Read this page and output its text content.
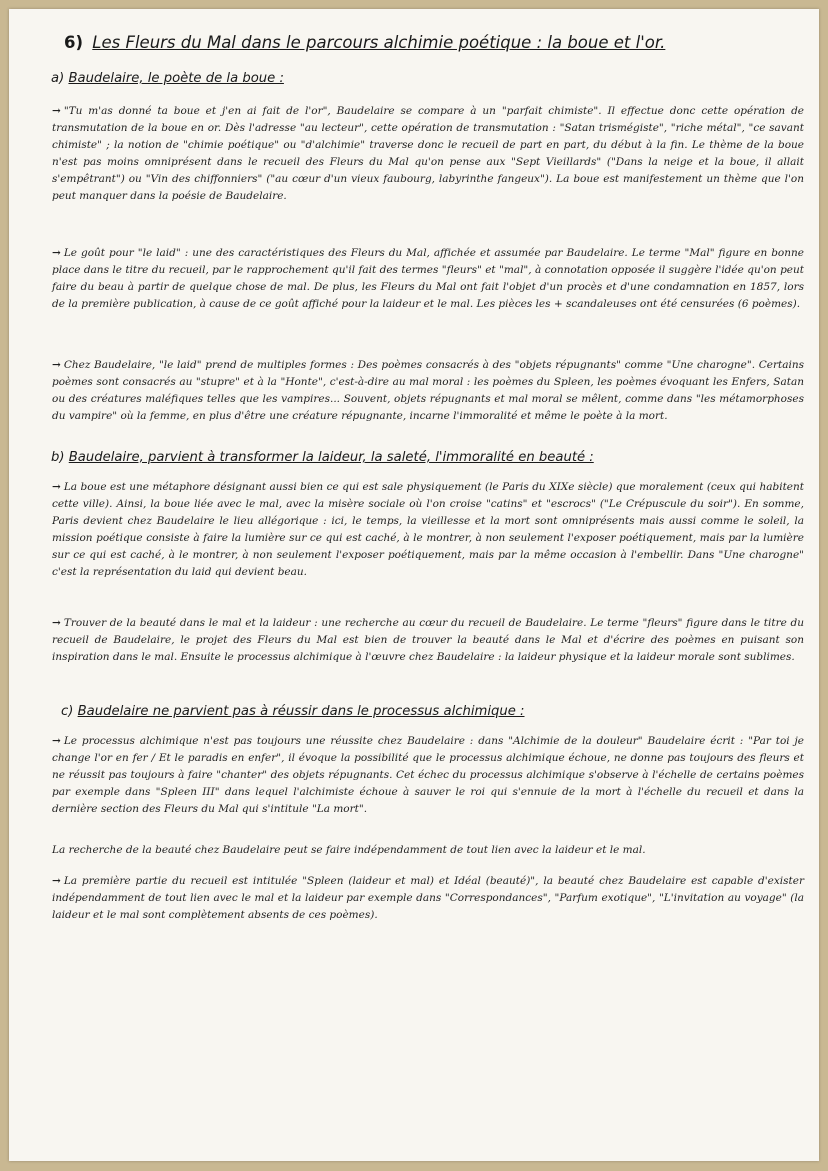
6) Les Fleurs du Mal dans le parcours alchimie poétique : la boue et l'or.
a) Baudelaire, le poète de la boue :
→ "Tu m'as donné ta boue et j'en ai fait de l'or", Baudelaire se compare à un "parfait chimiste". Il effectue donc cette opération de transmutation de la boue en or. Dès l'adresse "au lecteur", cette opération de transmutation : "Satan trismégiste", "riche métal", "ce savant chimiste" ; la notion de "chimie poétique" ou "d'alchimie" traverse donc le recueil de part en part, du début à la fin. Le thème de la boue n'est pas moins omniprésent dans le recueil des Fleurs du Mal qu'on pense aux "Sept Vieillards" ("Dans la neige et la boue, il allait s'empêtrant") ou "Vin des chiffonniers" ("au cœur d'un vieux faubourg, labyrinthe fangeux"). La boue est manifestement un thème que l'on peut manquer dans la poésie de Baudelaire.
→ Le goût pour "le laid" : une des caractéristiques des Fleurs du Mal, affichée et assumée par Baudelaire. Le terme "Mal" figure en bonne place dans le titre du recueil, par le rapprochement qu'il fait des termes "fleurs" et "mal", à connotation opposée il suggère l'idée qu'on peut faire du beau à partir de quelque chose de mal. De plus, les Fleurs du Mal ont fait l'objet d'un procès et d'une condamnation en 1857, lors de la première publication, à cause de ce goût affiché pour la laideur et le mal. Les pièces les + scandaleuses ont été censurées (6 poèmes).
→ Chez Baudelaire, "le laid" prend de multiples formes : Des poèmes consacrés à des "objets répugnants" comme "Une charogne". Certains poèmes sont consacrés au "stupre" et à la "Honte", c'est-à-dire au mal moral : les poèmes du Spleen, les poèmes évoquant les Enfers, Satan ou des créatures maléfiques telles que les vampires... Souvent, objets répugnants et mal moral se mêlent, comme dans "les métamorphoses du vampire" où la femme, en plus d'être une créature répugnante, incarne l'immoralité et même le poète à la mort.
b) Baudelaire, parvient à transformer la laideur, la saleté, l'immoralité en beauté :
→ La boue est une métaphore désignant aussi bien ce qui est sale physiquement (le Paris du XIXe siècle) que moralement (ceux qui habitent cette ville). Ainsi, la boue liée avec le mal, avec la misère sociale où l'on croise "catins" et "escrocs" ("Le Crépuscule du soir"). En somme, Paris devient chez Baudelaire le lieu allégorique : ici, le temps, la vieillesse et la mort sont omniprésents mais aussi comme le soleil, la mission poétique consiste à faire la lumière sur ce qui est caché, à le montrer, à non seulement l'exposer poétiquement, mais par la lumière sur ce qui est caché, à le montrer, à non seulement l'exposer poétiquement, mais par la même occasion à l'embellir. Dans "Une charogne" c'est la représentation du laid qui devient beau.
→ Trouver de la beauté dans le mal et la laideur : une recherche au cœur du recueil de Baudelaire. Le terme "fleurs" figure dans le titre du recueil de Baudelaire, le projet des Fleurs du Mal est bien de trouver la beauté dans le Mal et d'écrire des poèmes en puisant son inspiration dans le mal. Ensuite le processus alchimique à l'œuvre chez Baudelaire : la laideur physique et la laideur morale sont sublimes.
c) Baudelaire ne parvient pas à réussir dans le processus alchimique :
→ Le processus alchimique n'est pas toujours une réussite chez Baudelaire : dans "Alchimie de la douleur" Baudelaire écrit : "Par toi je change l'or en fer / Et le paradis en enfer", il évoque la possibilité que le processus alchimique échoue, ne donne pas toujours des fleurs et ne réussit pas toujours à faire "chanter" des objets répugnants. Cet échec du processus alchimique s'observe à l'échelle de certains poèmes par exemple dans "Spleen III" dans lequel l'alchimiste échoue à sauver le roi qui s'ennuie de la mort à l'échelle du recueil et dans la dernière section des Fleurs du Mal qui s'intitule "La mort".
La recherche de la beauté chez Baudelaire peut se faire indépendamment de tout lien avec la laideur et le mal.
→ La première partie du recueil est intitulée "Spleen (laideur et mal) et Idéal (beauté)", la beauté chez Baudelaire est capable d'exister indépendamment de tout lien avec le mal et la laideur par exemple dans "Correspondances", "Parfum exotique", "L'invitation au voyage" (la laideur et le mal sont complètement absents de ces poèmes).
